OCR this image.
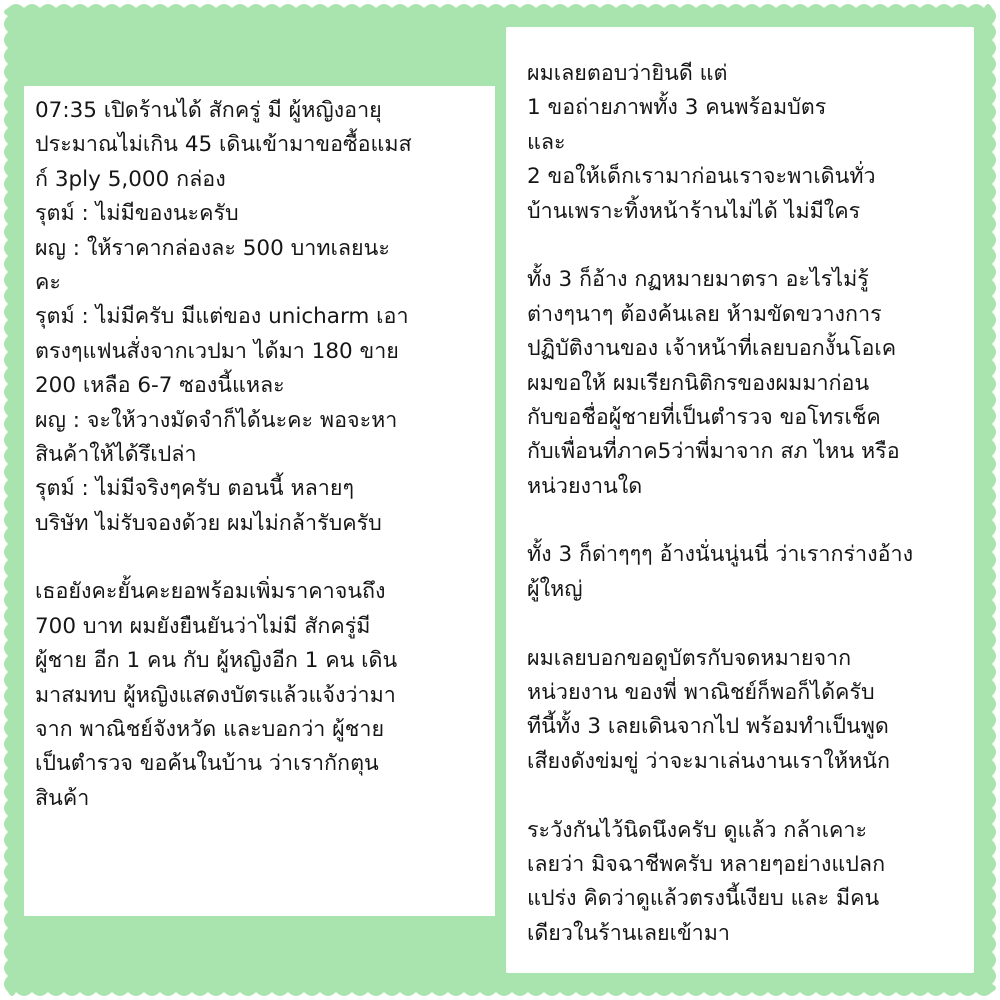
07:35 เปิดร้านได้ สักครู่ มี ผู้หญิงอายุ
ประมาณไม่เกิน 45 เดินเข้ามาขอซื้อแมส
ก์ 3ply 5,000 กล่อง
รุตม์ : ไม่มีของนะครับ
ผญ : ให้ราคากล่องละ 500 บาทเลยนะ
คะ
รุตม์ : ไม่มีครับ มีแต่ของ unicharm เอา
ตรงๆแฟนสั่งจากเวปมา ได้มา 180 ขาย
200 เหลือ 6-7 ซองนี้แหละ
ผญ : จะให้วางมัดจำก็ได้นะคะ พอจะหา
สินค้าให้ได้รึเปล่า
รุตม์ : ไม่มีจริงๆครับ ตอนนี้ หลายๆ
บริษัท ไม่รับจองด้วย ผมไม่กล้ารับครับ
เธอยังคะยั้นคะยอพร้อมเพิ่มราคาจนถึง
700 บาท ผมยังยืนยันว่าไม่มี สักครู่มี
ผู้ชาย อีก 1 คน กับ ผู้หญิงอีก 1 คน เดิน
มาสมทบ ผู้หญิงแสดงบัตรแล้วแจ้งว่ามา
จาก พาณิชย์จังหวัด และบอกว่า ผู้ชาย
เป็นตำรวจ ขอค้นในบ้าน ว่าเรากักตุน
สินค้า
ผมเลยตอบว่ายินดี แต่
1 ขอถ่ายภาพทั้ง 3 คนพร้อมบัตร
และ
2 ขอให้เด็กเรามาก่อนเราจะพาเดินทั่ว
บ้านเพราะทิ้งหน้าร้านไม่ได้ ไม่มีใคร
ทั้ง 3 ก็อ้าง กฏหมายมาตรา อะไรไม่รู้
ต่างๆนาๆ ต้องค้นเลย ห้ามขัดขวางการ
ปฏิบัติงานของ เจ้าหน้าที่เลยบอกงั้นโอเค
ผมขอให้ ผมเรียกนิติกรของผมมาก่อน
กับขอชื่อผู้ชายที่เป็นตำรวจ ขอโทรเช็ค
กับเพื่อนที่ภาค5ว่าพี่มาจาก สภ ไหน หรือ
หน่วยงานใด
ทั้ง 3 ก็ด่าๆๆๆ อ้างนั่นนู่นนี่ ว่าเรากร่างอ้าง
ผู้ใหญ่
ผมเลยบอกขอดูบัตรกับจดหมายจาก
หน่วยงาน ของพี่ พาณิชย์ก็พอก็ได้ครับ
ทีนี้ทั้ง 3 เลยเดินจากไป พร้อมทำเป็นพูด
เสียงดังข่มขู่ ว่าจะมาเล่นงานเราให้หนัก
ระวังกันไว้นิดนึงครับ ดูแล้ว กล้าเคาะ
เลยว่า มิจฉาชีพครับ หลายๆอย่างแปลก
แปร่ง คิดว่าดูแล้วตรงนี้เงียบ และ มีคน
เดียวในร้านเลยเข้ามา
